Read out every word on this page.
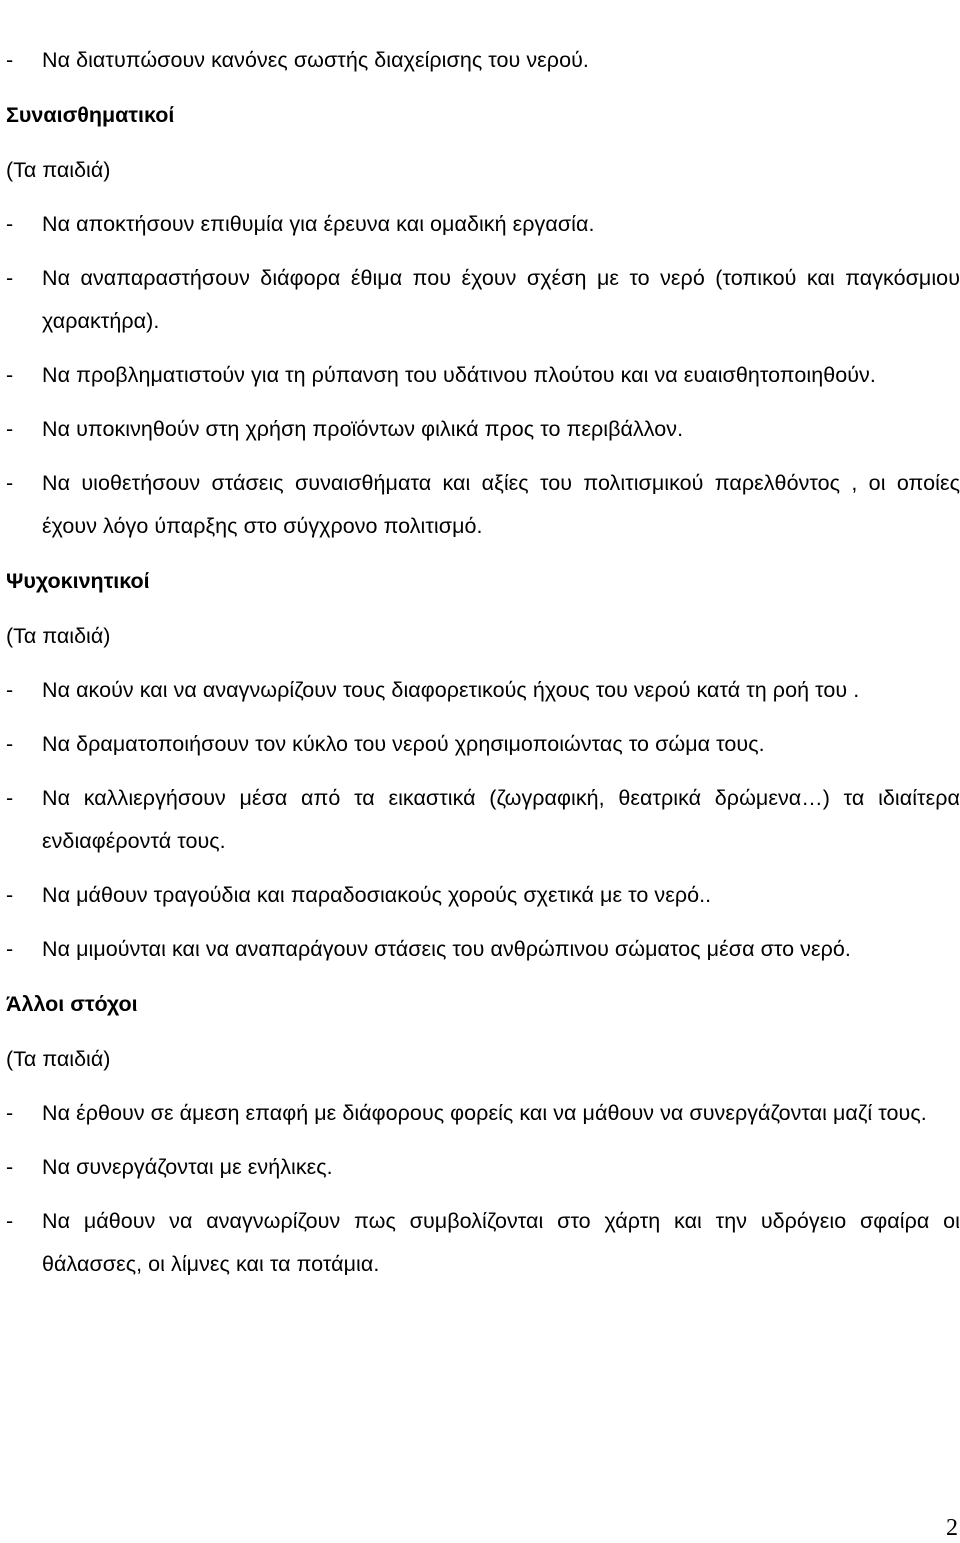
-	Να διατυπώσουν κανόνες σωστής διαχείρισης του νερού.
Συναισθηματικοί
(Τα παιδιά)
-	Να αποκτήσουν επιθυμία για έρευνα και ομαδική εργασία.
-	Να αναπαραστήσουν διάφορα έθιμα που έχουν σχέση με το νερό (τοπικού και παγκόσμιου χαρακτήρα).
-	Να προβληματιστούν για τη ρύπανση του υδάτινου πλούτου και να ευαισθητοποιηθούν.
-	Να υποκινηθούν στη χρήση προϊόντων φιλικά προς το περιβάλλον.
-	Να υιοθετήσουν στάσεις συναισθήματα και αξίες του πολιτισμικού παρελθόντος , οι οποίες έχουν λόγο ύπαρξης στο σύγχρονο πολιτισμό.
Ψυχοκινητικοί
(Τα παιδιά)
-	Να ακούν και να αναγνωρίζουν τους διαφορετικούς ήχους του νερού κατά τη ροή του .
-	Να δραματοποιήσουν τον κύκλο του νερού χρησιμοποιώντας το σώμα τους.
-	Να καλλιεργήσουν μέσα από τα εικαστικά (ζωγραφική, θεατρικά δρώμενα…) τα ιδιαίτερα ενδιαφέροντά τους.
-	Να μάθουν τραγούδια και παραδοσιακούς χορούς σχετικά με το νερό..
-	Να μιμούνται και να αναπαράγουν στάσεις του ανθρώπινου σώματος μέσα στο νερό.
Άλλοι στόχοι
(Τα παιδιά)
-	Να έρθουν σε άμεση επαφή με διάφορους φορείς και να μάθουν να συνεργάζονται μαζί τους.
-	Να συνεργάζονται με ενήλικες.
-	Να μάθουν να αναγνωρίζουν πως συμβολίζονται στο χάρτη και την υδρόγειο σφαίρα οι θάλασσες, οι λίμνες και τα ποτάμια.
2
